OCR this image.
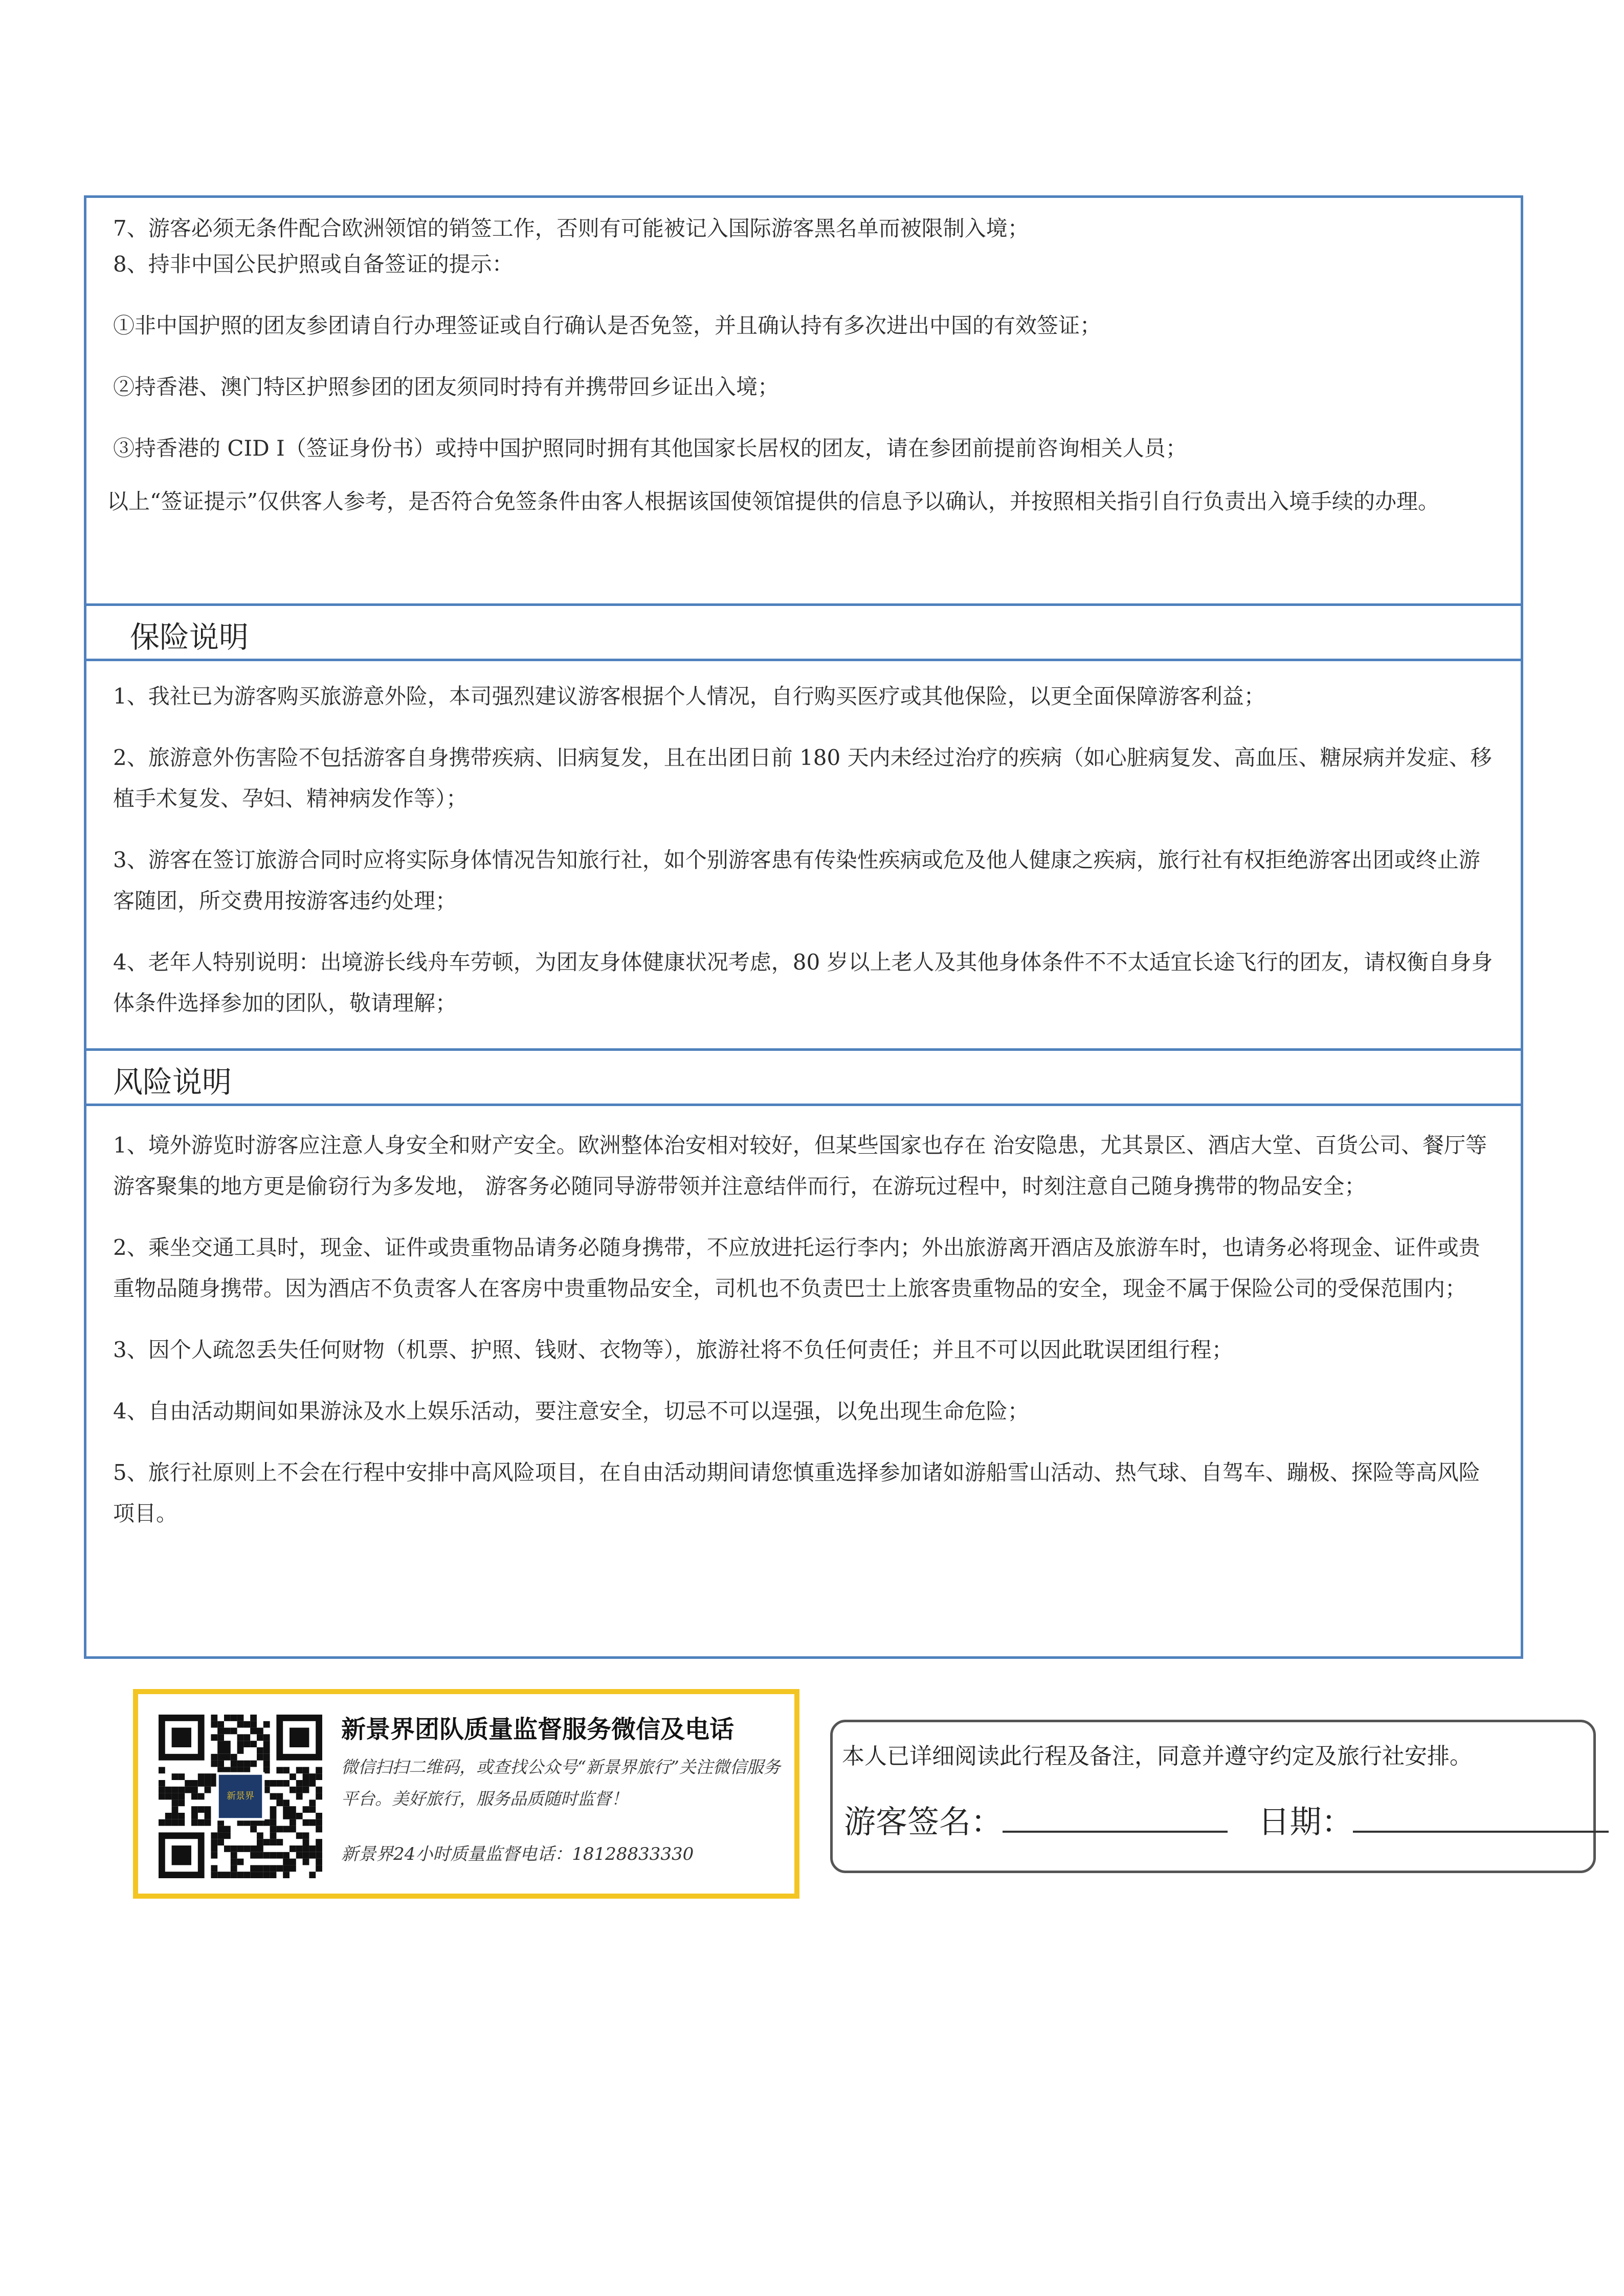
7、游客必须无条件配合欧洲领馆的销签工作，否则有可能被记入国际游客黑名单而被限制入境；
8、持非中国公民护照或自备签证的提示：
①非中国护照的团友参团请自行办理签证或自行确认是否免签，并且确认持有多次进出中国的有效签证；
②持香港、澳门特区护照参团的团友须同时持有并携带回乡证出入境；
③持香港的 CID I（签证身份书）或持中国护照同时拥有其他国家长居权的团友，请在参团前提前咨询相关人员；
以上“签证提示”仅供客人参考，是否符合免签条件由客人根据该国使领馆提供的信息予以确认，并按照相关指引自行负责出入境手续的办理。
保险说明
1、我社已为游客购买旅游意外险，本司强烈建议游客根据个人情况，自行购买医疗或其他保险，以更全面保障游客利益；
2、旅游意外伤害险不包括游客自身携带疾病、旧病复发，且在出团日前 180 天内未经过治疗的疾病（如心脏病复发、高血压、糖尿病并发症、移植手术复发、孕妇、精神病发作等）；
3、游客在签订旅游合同时应将实际身体情况告知旅行社，如个别游客患有传染性疾病或危及他人健康之疾病，旅行社有权拒绝游客出团或终止游客随团，所交费用按游客违约处理；
4、老年人特别说明：出境游长线舟车劳顿，为团友身体健康状况考虑，80 岁以上老人及其他身体条件不不太适宜长途飞行的团友，请权衡自身身体条件选择参加的团队，敬请理解；
风险说明
1、境外游览时游客应注意人身安全和财产安全。欧洲整体治安相对较好，但某些国家也存在 治安隐患，尤其景区、酒店大堂、百货公司、餐厅等游客聚集的地方更是偷窃行为多发地， 游客务必随同导游带领并注意结伴而行，在游玩过程中，时刻注意自己随身携带的物品安全；
2、乘坐交通工具时，现金、证件或贵重物品请务必随身携带，不应放进托运行李内；外出旅游离开酒店及旅游车时，也请务必将现金、证件或贵重物品随身携带。因为酒店不负责客人在客房中贵重物品安全，司机也不负责巴士上旅客贵重物品的安全，现金不属于保险公司的受保范围内；
3、因个人疏忽丢失任何财物（机票、护照、钱财、衣物等），旅游社将不负任何责任；并且不可以因此耽误团组行程；
4、自由活动期间如果游泳及水上娱乐活动，要注意安全，切忌不可以逞强，以免出现生命危险；
5、旅行社原则上不会在行程中安排中高风险项目，在自由活动期间请您慎重选择参加诸如游船雪山活动、热气球、自驾车、蹦极、探险等高风险项目。
新景界
新景界团队质量监督服务微信及电话
微信扫扫二维码，或查找公众号“新景界旅行”关注微信服务平台。美好旅行，服务品质随时监督！
新景界24小时质量监督电话：18128833330
本人已详细阅读此行程及备注，同意并遵守约定及旅行社安排。
游客签名：	日期：
